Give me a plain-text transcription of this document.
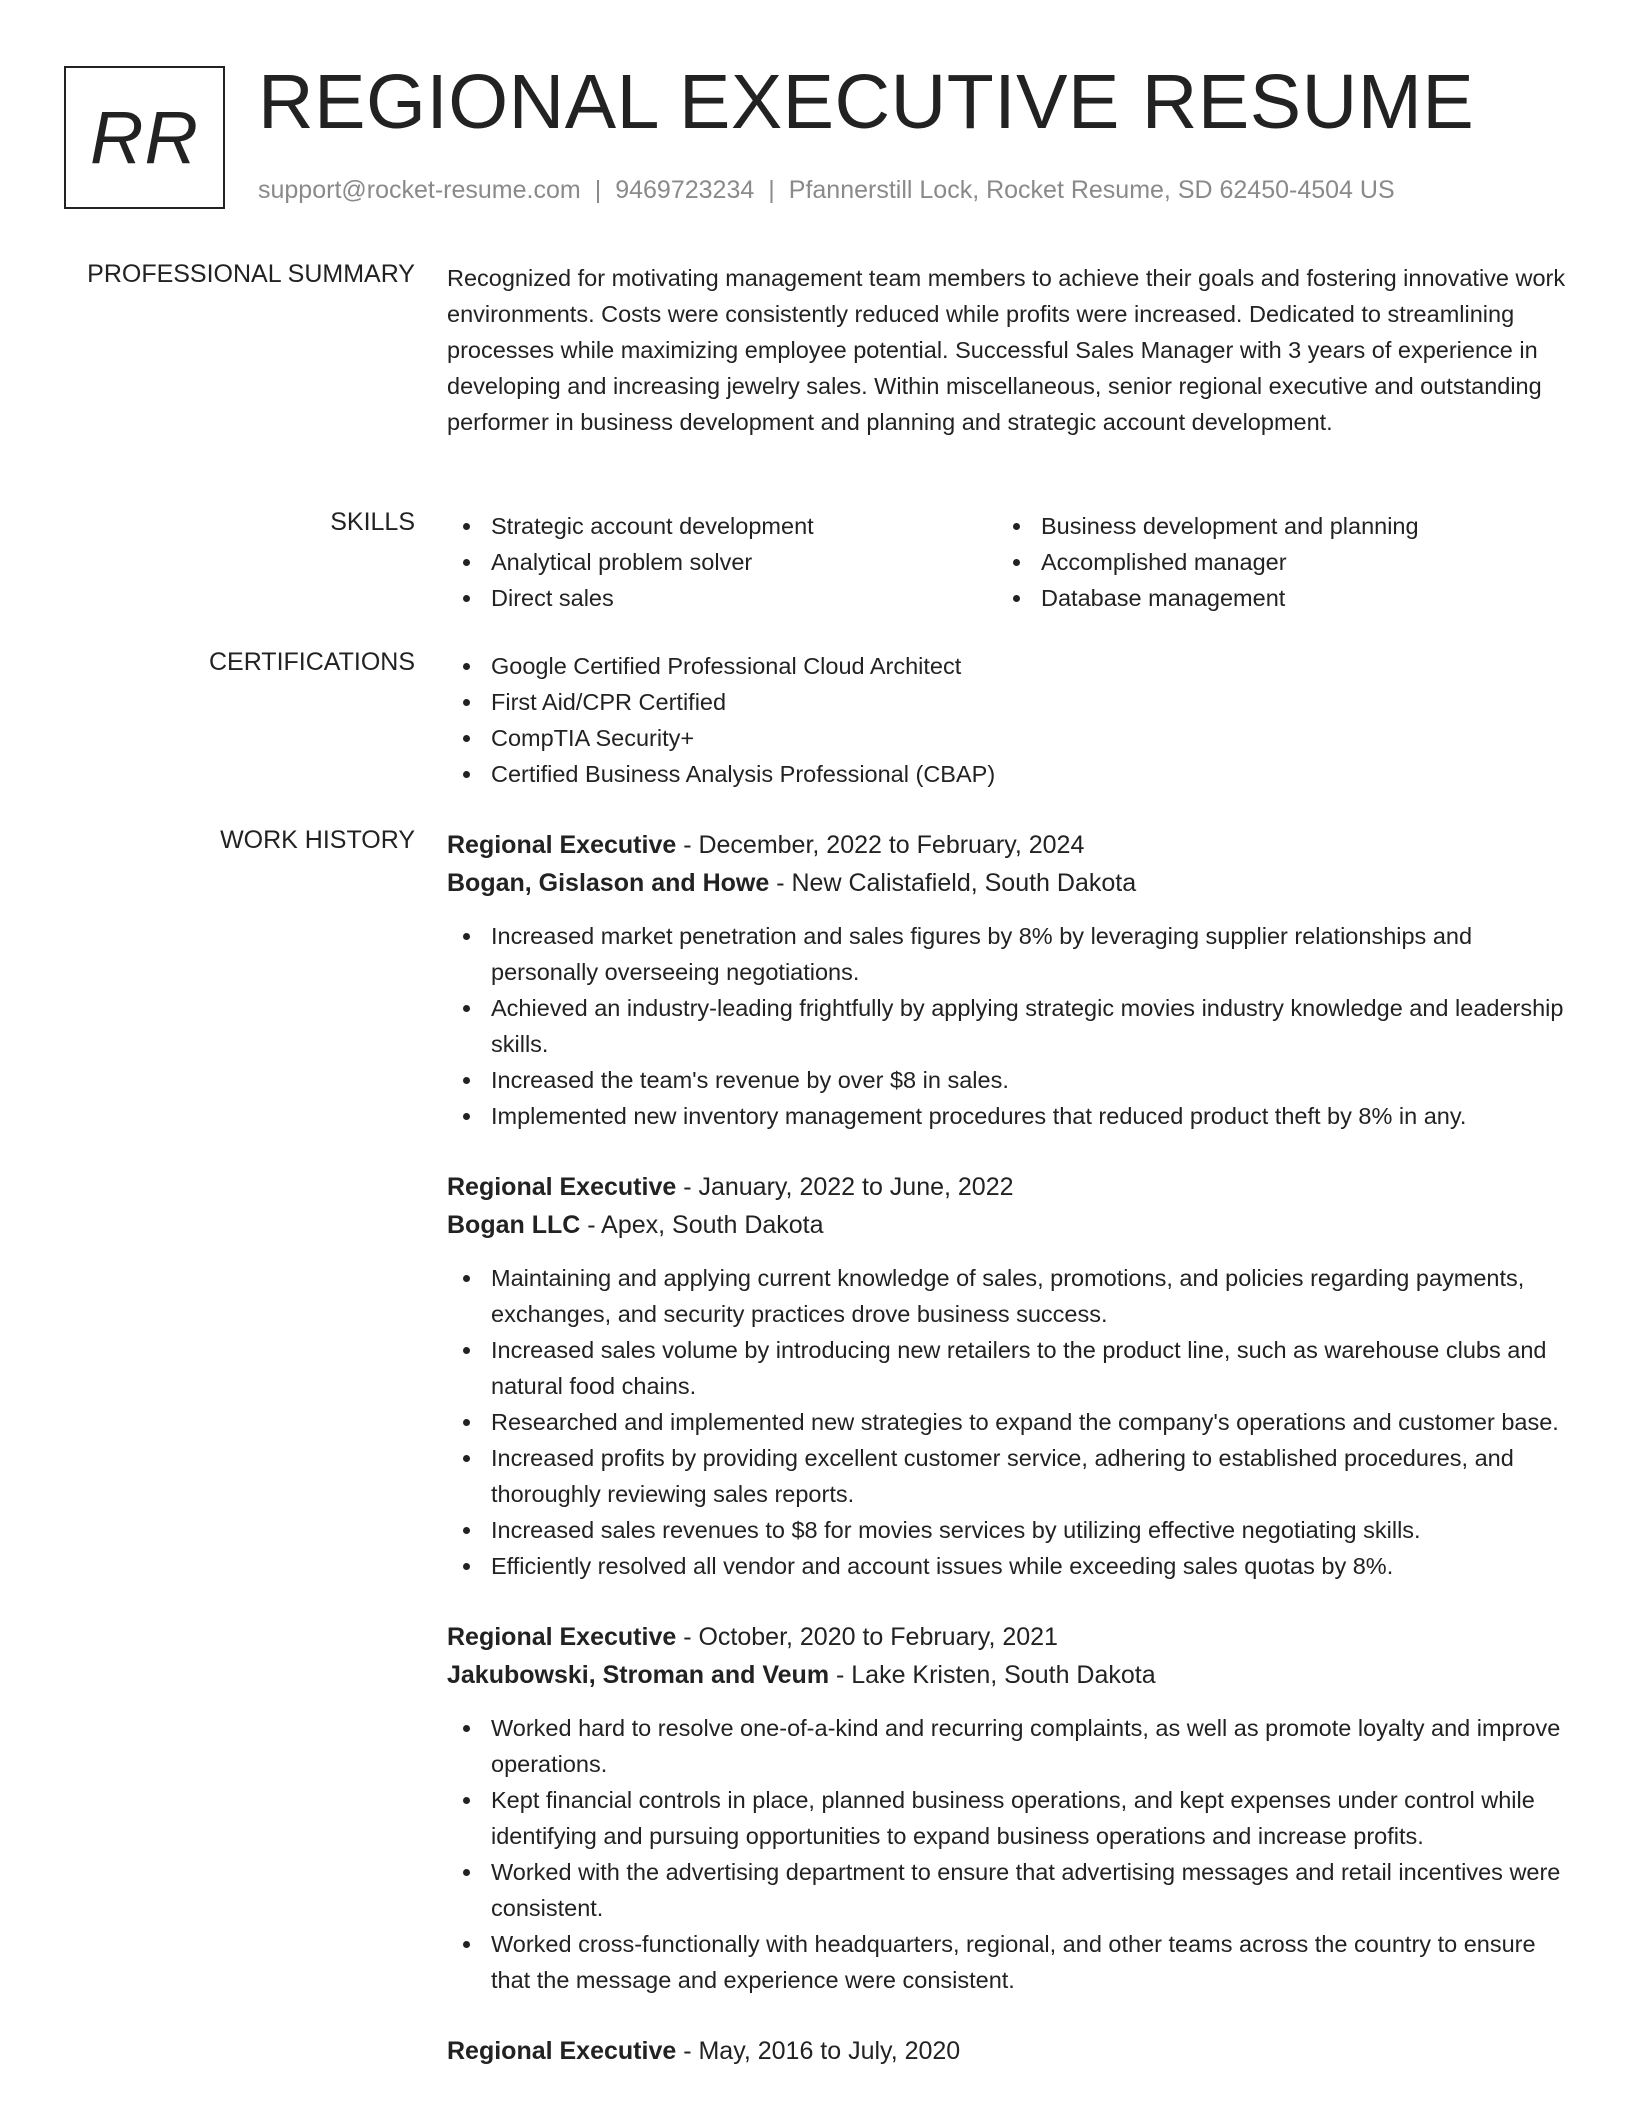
RR REGIONAL EXECUTIVE RESUME
support@rocket-resume.com | 9469723234 | Pfannerstill Lock, Rocket Resume, SD 62450-4504 US
PROFESSIONAL SUMMARY Recognized for motivating management team members to achieve their goals and fostering innovative work environments. Costs were consistently reduced while profits were increased. Dedicated to streamlining processes while maximizing employee potential. Successful Sales Manager with 3 years of experience in developing and increasing jewelry sales. Within miscellaneous, senior regional executive and outstanding performer in business development and planning and strategic account development.
SKILLS	Strategic account development
Analytical problem solver
Direct sales
Business development and planning
Accomplished manager
Database management
CERTIFICATIONS	Google Certified Professional Cloud Architect
First Aid/CPR Certified
CompTIA Security+
Certified Business Analysis Professional (CBAP)
WORK HISTORY Regional Executive - December, 2022 to February, 2024
Bogan, Gislason and Howe - New Calistafield, South Dakota
Increased market penetration and sales figures by 8% by leveraging supplier relationships and personally overseeing negotiations.
Achieved an industry-leading frightfully by applying strategic movies industry knowledge and leadership skills.
Increased the team's revenue by over $8 in sales.
Implemented new inventory management procedures that reduced product theft by 8% in any.
Regional Executive - January, 2022 to June, 2022
Bogan LLC - Apex, South Dakota
Maintaining and applying current knowledge of sales, promotions, and policies regarding payments, exchanges, and security practices drove business success.
Increased sales volume by introducing new retailers to the product line, such as warehouse clubs and natural food chains.
Researched and implemented new strategies to expand the company's operations and customer base.
Increased profits by providing excellent customer service, adhering to established procedures, and thoroughly reviewing sales reports.
Increased sales revenues to $8 for movies services by utilizing effective negotiating skills.
Efficiently resolved all vendor and account issues while exceeding sales quotas by 8%.
Regional Executive - October, 2020 to February, 2021
Jakubowski, Stroman and Veum - Lake Kristen, South Dakota
Worked hard to resolve one-of-a-kind and recurring complaints, as well as promote loyalty and improve operations.
Kept financial controls in place, planned business operations, and kept expenses under control while identifying and pursuing opportunities to expand business operations and increase profits.
Worked with the advertising department to ensure that advertising messages and retail incentives were consistent.
Worked cross-functionally with headquarters, regional, and other teams across the country to ensure that the message and experience were consistent.
Regional Executive - May, 2016 to July, 2020
